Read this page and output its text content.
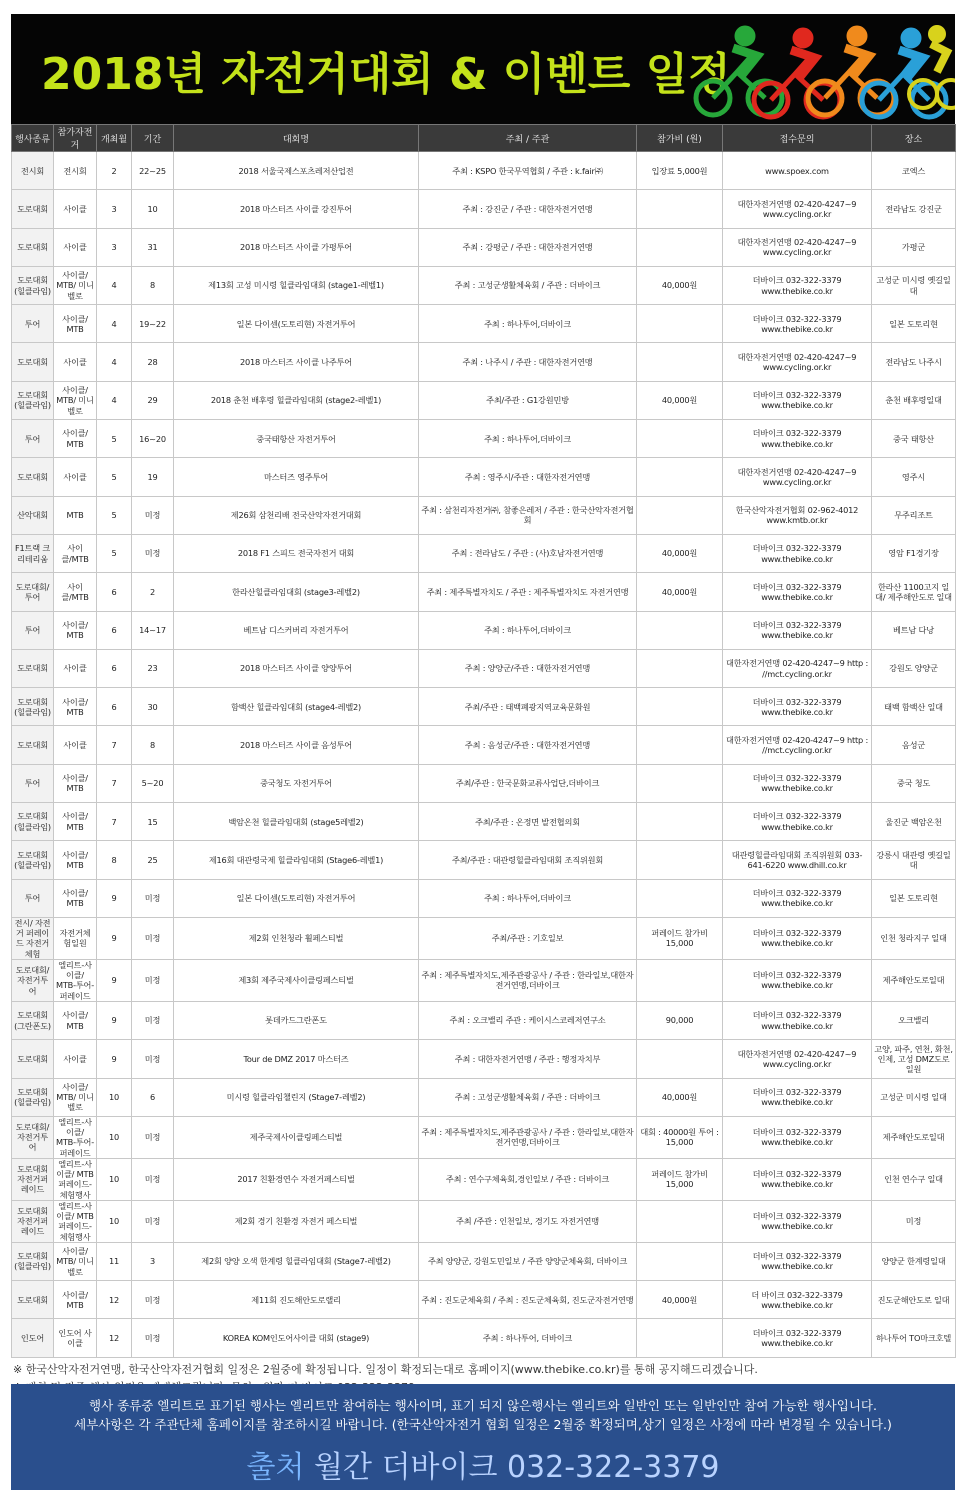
2018년 자전거대회 & 이벤트 일정
행사종류	참가자전거	개최월	기간	대회명	주최 / 주관	참가비 (원)	접수문의	장소
전시회	전시회	2	22~25	2018 서울국제스포츠레저산업전	주최 : KSPO 한국무역협회 / 주관 : k.fair㈜	입장료 5,000원	www.spoex.com	코엑스
도로대회	사이클	3	10	2018 마스터즈 사이클 강진투어	주최 : 강진군 / 주관 : 대한자전거연맹		대한자전거연맹 02-420-4247~9 www.cycling.or.kr	전라남도 강진군
도로대회	사이클	3	31	2018 마스터즈 사이클 가평투어	주최 : 강평군 / 주관 : 대한자전거연맹		대한자전거연맹 02-420-4247~9 www.cycling.or.kr	가평군
도로대회 (힐클라임)	사이클/ MTB/ 미니벨로	4	8	제13회 고성 미시령 힐클라임대회 (stage1-레벨1)	주최 : 고성군생활체육회 / 주관 : 더바이크	40,000원	더바이크 032-322-3379 www.thebike.co.kr	고성군 미시령 옛길일대
투어	사이클/ MTB	4	19~22	일본 다이센(도토리현) 자전거투어	주최 : 하나투어,더바이크		더바이크 032-322-3379 www.thebike.co.kr	일본 도토리현
도로대회	사이클	4	28	2018 마스터즈 사이클 나주투어	주최 : 나주시 / 주관 : 대한자전거연맹		대한자전거연맹 02-420-4247~9 www.cycling.or.kr	전라남도 나주시
도로대회 (힐클라임)	사이클/ MTB/ 미니벨로	4	29	2018 춘천 배후령 힐클라임대회 (stage2-레벨1)	주최/주관 : G1강원민방	40,000원	더바이크 032-322-3379 www.thebike.co.kr	춘천 배후령일대
투어	사이클/ MTB	5	16~20	중국태항산 자전거투어	주최 : 하나투어,더바이크		더바이크 032-322-3379 www.thebike.co.kr	중국 태항산
도로대회	사이클	5	19	마스터즈 영주투어	주최 : 영주시/주관 : 대한자전거연맹		대한자전거연맹 02-420-4247~9 www.cycling.or.kr	영주시
산악대회	MTB	5	미정	제26회 삼천리배 전국산악자전거대회	주최 : 삼천리자전거㈜, 참좋은레저 / 주관 : 한국산악자전거협회		한국산악자전거협회 02-962-4012 www.kmtb.or.kr	무주리조트
F1트랙 크리테리움	사이클/MTB	5	미정	2018 F1 스피드 전국자전거 대회	주최 : 전라남도 / 주관 : (사)호남자전거연맹	40,000원	더바이크 032-322-3379 www.thebike.co.kr	영암 F1경기장
도로대회/ 투어	사이클/MTB	6	2	한라산힐클라임대회 (stage3-레벨2)	주최 : 제주특별자치도 / 주관 : 제주특별자치도 자전거연맹	40,000원	더바이크 032-322-3379 www.thebike.co.kr	한라산 1100고지 일대/ 제주해안도로 일대
투어	사이클/ MTB	6	14~17	베트남 디스커버리 자전거투어	주최 : 하나투어,더바이크		더바이크 032-322-3379 www.thebike.co.kr	베트남 다낭
도로대회	사이클	6	23	2018 마스터즈 사이클 양양투어	주최 : 양양군/주관 : 대한자전거연맹		대한자전거연맹 02-420-4247~9 http : //mct.cycling.or.kr	강원도 양양군
도로대회 (힐클라임)	사이클/ MTB	6	30	함백산 힐클라임대회 (stage4-레벨2)	주최/주관 : 태백폐광지역교육문화원		더바이크 032-322-3379 www.thebike.co.kr	태백 함백산 일대
도로대회	사이클	7	8	2018 마스터즈 사이클 음성투어	주최 : 음성군/주관 : 대한자전거연맹		대한자전거연맹 02-420-4247~9 http : //mct.cycling.or.kr	음성군
투어	사이클/ MTB	7	5~20	중국청도 자전거투어	주최/주관 : 한국문화교류사업단,더바이크		더바이크 032-322-3379 www.thebike.co.kr	중국 청도
도로대회 (힐클라임)	사이클/ MTB	7	15	백암온천 힐클라임대회 (stage5레벨2)	주최/주관 : 온정면 발전협의회		더바이크 032-322-3379 www.thebike.co.kr	울진군 백암온천
도로대회 (힐클라임)	사이클/ MTB	8	25	제16회 대관령국제 힐클라임대회 (Stage6-레벨1)	주최/주관 : 대관령힐클라임대회 조직위원회		대관령힐클라임대회 조직위원회 033-641-6220 www.dhill.co.kr	강릉시 대관령 옛길일대
투어	사이클/ MTB	9	미정	일본 다이센(도토리현) 자전거투어	주최 : 하나투어,더바이크		더바이크 032-322-3379 www.thebike.co.kr	일본 도토리현
전시/ 자전거 퍼레이드 자전거체험	자전거체험일원	9	미정	제2회 인천청라 휠페스티벌	주최/주관 : 기호일보	퍼레이드 참가비 15,000	더바이크 032-322-3379 www.thebike.co.kr	인천 청라지구 일대
도로대회/ 자전거투어	엘리트-사이클/ MTB-투어-퍼레이드	9	미정	제3회 제주국제사이클링페스티벌	주최 : 제주특별자치도,제주관광공사 / 주관 : 한라일보,대한자전거연맹,더바이크		더바이크 032-322-3379 www.thebike.co.kr	제주해안도로일대
도로대회 (그란폰도)	사이클/ MTB	9	미정	롯데카드그란폰도	주최 : 오크밸리 주관 : 케이시스코레저연구소	90,000	더바이크 032-322-3379 www.thebike.co.kr	오크밸리
도로대회	사이클	9	미정	Tour de DMZ 2017 마스터즈	주최 : 대한자전거연맹 / 주관 : 행정자치부		대한자전거연맹 02-420-4247~9 www.cycling.or.kr	고양, 파주, 연천, 화천, 인제, 고성 DMZ도로 일원
도로대회 (힐클라임)	사이클/ MTB/ 미니벨로	10	6	미시령 힐클라임챌린지 (Stage7-레벨2)	주최 : 고성군생활체육회 / 주관 : 더바이크	40,000원	더바이크 032-322-3379 www.thebike.co.kr	고성군 미시령 일대
도로대회/ 자전거투어	엘리트-사이클/ MTB-투어-퍼레이드	10	미정	제주국제사이클링페스티벌	주최 : 제주특별자치도,제주관광공사 / 주관 : 한라일보,대한자전거연맹,더바이크	대회 : 40000원 투어 : 15,000	더바이크 032-322-3379 www.thebike.co.kr	제주해안도로일대
도로대회 자전거퍼레이드	엘리트-사이클/ MTB 퍼레이드-체험행사	10	미정	2017 친환경연수 자전거페스티벌	주최 : 연수구체육회,경인일보 / 주관 : 더바이크	퍼레이드 참가비 15,000	더바이크 032-322-3379 www.thebike.co.kr	인천 연수구 일대
도로대회 자전거퍼레이드	엘리트-사이클/ MTB 퍼레이드-체험행사	10	미정	제2회 경기 친환경 자전거 페스티벌	주최 /주관 : 인천일보, 경기도 자전거연맹		더바이크 032-322-3379 www.thebike.co.kr	미정
도로대회 (힐클라임)	사이클/ MTB/ 미니벨로	11	3	제2회 양양 오색 한계령 힐클라임대회 (Stage7-레벨2)	주최 양양군, 강원도민일보 / 주관 양양군체육회, 더바이크		더바이크 032-322-3379 www.thebike.co.kr	양양군 한계령일대
도로대회	사이클/ MTB	12	미정	제11회 진도해안도로랠리	주최 : 진도군체육회 / 주최 : 진도군체육회, 진도군자전거연맹	40,000원	더 바이크 032-322-3379 www.thebike.co.kr	진도군해안도로 일대
인도어	인도어 사이클	12	미정	KOREA KOM인도어사이클 대회 (stage9)	주최 : 하나투어, 더바이크		더바이크 032-322-3379 www.thebike.co.kr	하나투어 TO마크호텔
※ 한국산악자전거연맹, 한국산악자전거협회 일정은 2월중에 확정됩니다. 일정이 확정되는대로 홈페이지(www.thebike.co.kr)를 통해 공지해드리겠습니다.
행사 종류중 엘리트로 표기된 행사는 엘리트만 참여하는 행사이며, 표기 되지 않은행사는 엘리트와 일반인 또는 일반인만 참여 가능한 행사입니다.
세부사항은 각 주관단체 홈페이지를 참조하시길 바랍니다. (한국산악자전거 협회 일정은 2월중 확정되며,상기 일정은 사정에 따라 변경될 수 있습니다.)
출처 월간 더바이크 032-322-3379
